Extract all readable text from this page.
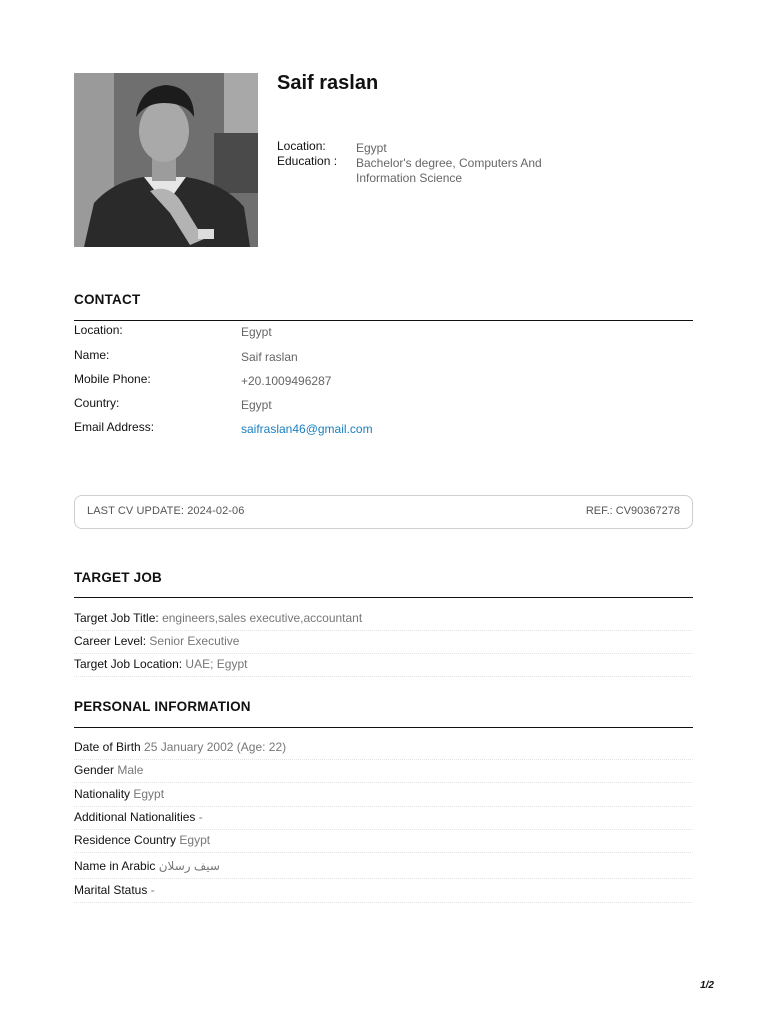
Saif raslan
Location:	Egypt
Education : Bachelor's degree, Computers And Information Science
CONTACT
Location:	Egypt
Name:	Saif raslan
Mobile Phone:	+20.1009496287
Country:	Egypt
Email Address:	saifraslan46@gmail.com
LAST CV UPDATE: 2024-02-06	REF.: CV90367278
TARGET JOB
Target Job Title: engineers,sales executive,accountant
Career Level: Senior Executive
Target Job Location: UAE; Egypt
PERSONAL INFORMATION
Date of Birth 25 January 2002 (Age: 22)
Gender Male
Nationality Egypt
Additional Nationalities -
Residence Country Egypt
Name in Arabic سيف رسلان
Marital Status -
1/2
